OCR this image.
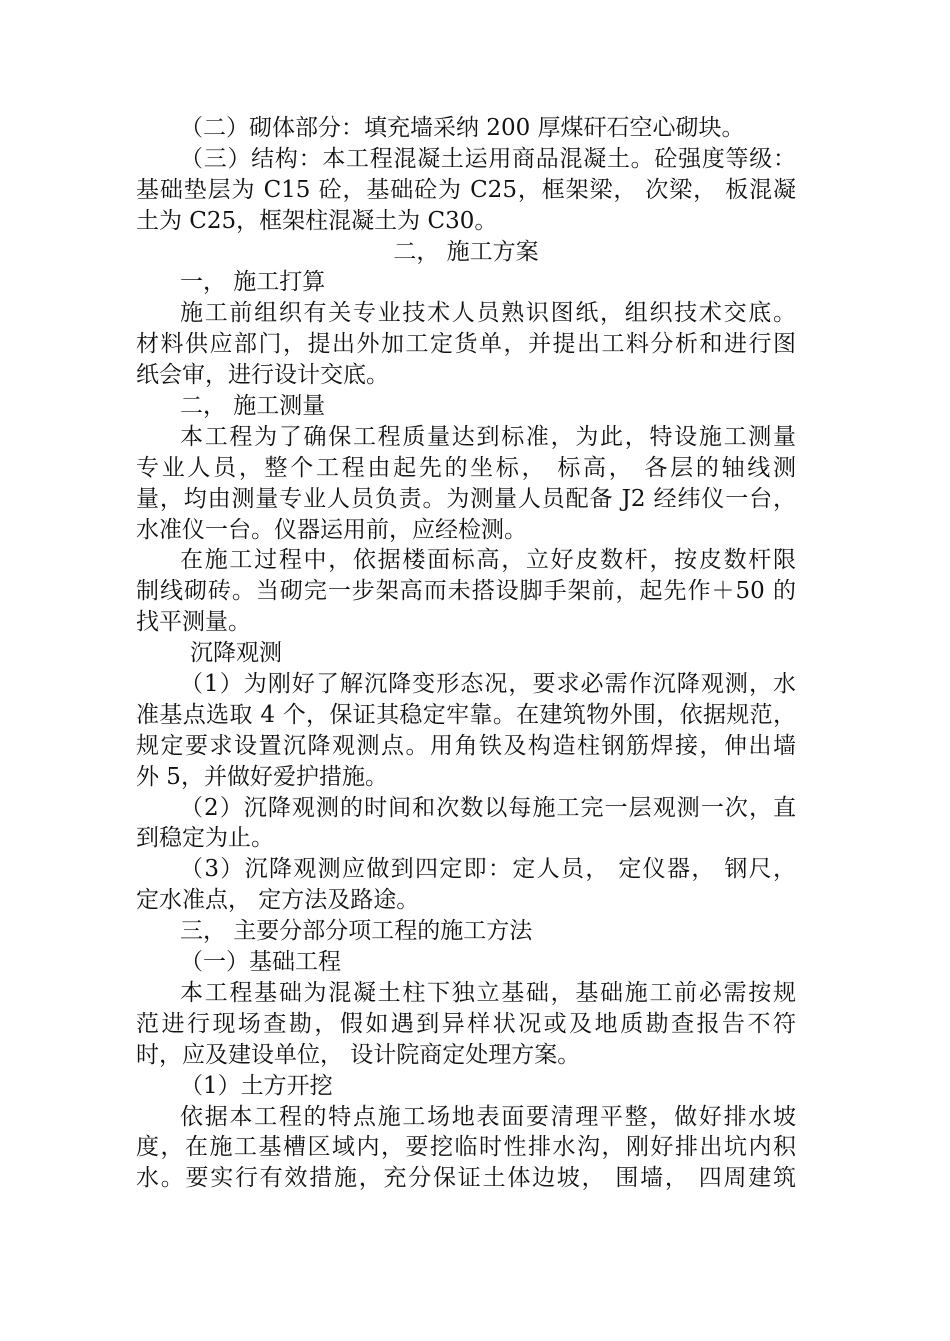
（二）砌体部分：填充墙采纳 200 厚煤矸石空心砌块。
（三）结构：本工程混凝土运用商品混凝土。砼强度等级：
基础垫层为 C15 砼，基础砼为 C25，框架梁， 次梁， 板混凝
土为 C25，框架柱混凝土为 C30。
二， 施工方案
一， 施工打算
施工前组织有关专业技术人员熟识图纸，组织技术交底。
材料供应部门，提出外加工定货单，并提出工料分析和进行图
纸会审，进行设计交底。
二， 施工测量
本工程为了确保工程质量达到标准，为此，特设施工测量
专业人员，整个工程由起先的坐标， 标高， 各层的轴线测
量，均由测量专业人员负责。为测量人员配备 J2 经纬仪一台，
水准仪一台。仪器运用前，应经检测。
在施工过程中，依据楼面标高，立好皮数杆，按皮数杆限
制线砌砖。当砌完一步架高而未搭设脚手架前，起先作＋50 的
找平测量。
沉降观测
（1）为刚好了解沉降变形态况，要求必需作沉降观测，水
准基点选取 4 个，保证其稳定牢靠。在建筑物外围，依据规范，
规定要求设置沉降观测点。用角铁及构造柱钢筋焊接，伸出墙
外 5，并做好爱护措施。
（2）沉降观测的时间和次数以每施工完一层观测一次，直
到稳定为止。
（3）沉降观测应做到四定即：定人员， 定仪器， 钢尺，
定水准点， 定方法及路途。
三， 主要分部分项工程的施工方法
（一）基础工程
本工程基础为混凝土柱下独立基础，基础施工前必需按规
范进行现场查勘，假如遇到异样状况或及地质勘查报告不符
时，应及建设单位， 设计院商定处理方案。
（1）土方开挖
依据本工程的特点施工场地表面要清理平整，做好排水坡
度，在施工基槽区域内，要挖临时性排水沟，刚好排出坑内积
水。要实行有效措施，充分保证土体边坡， 围墙， 四周建筑
